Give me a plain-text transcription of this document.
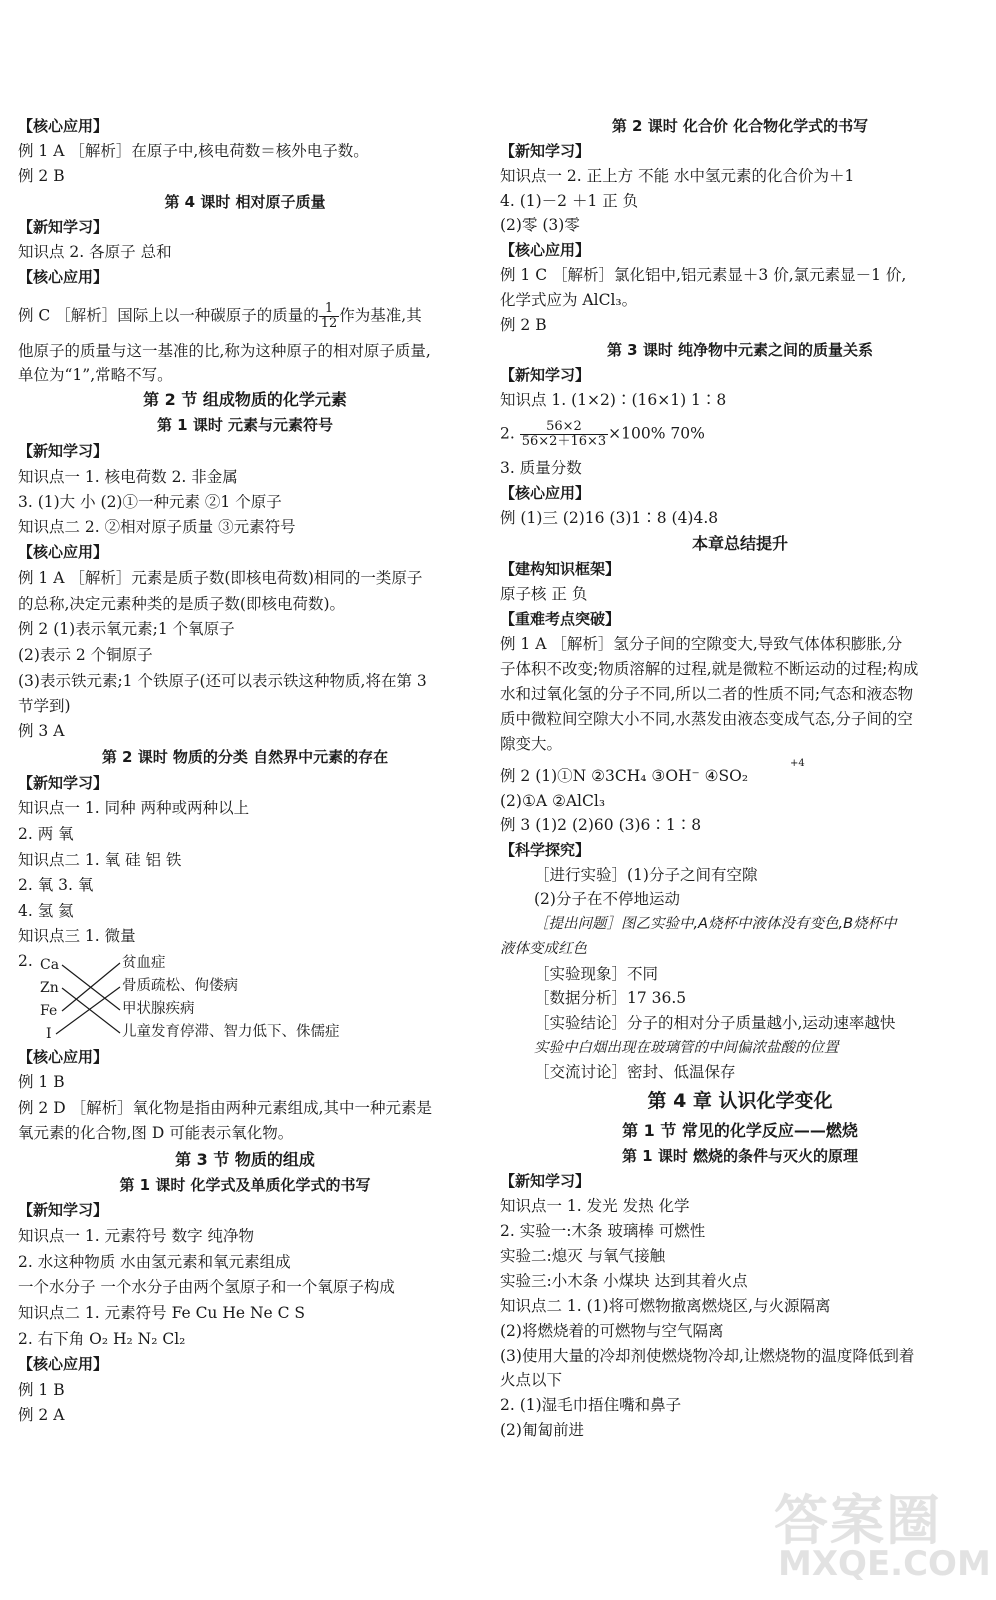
【核心应用】
例 1 A ［解析］在原子中,核电荷数＝核外电子数。
例 2 B
第 4 课时 相对原子质量
【新知学习】
知识点 2. 各原子 总和
【核心应用】
例 C ［解析］国际上以一种碳原子的质量的 $\frac{1}{12}$ 作为基准,其
他原子的质量与这一基准的比,称为这种原子的相对原子质量,
单位为“1”,常略不写。
第 2 节 组成物质的化学元素
第 1 课时 元素与元素符号
【新知学习】
知识点一 1. 核电荷数 2. 非金属
3. (1)大 小 (2)①一种元素 ②1 个原子
知识点二 2. ②相对原子质量 ③元素符号
【核心应用】
例 1 A ［解析］元素是质子数(即核电荷数)相同的一类原子
的总称,决定元素种类的是质子数(即核电荷数)。
例 2 (1)表示氧元素;1 个氧原子
(2)表示 2 个铜原子
(3)表示铁元素;1 个铁原子(还可以表示铁这种物质,将在第 3
节学到)
例 3 A
第 2 课时 物质的分类 自然界中元素的存在
【新知学习】
知识点一 1. 同种 两种或两种以上
2. 两 氧
知识点二 1. 氧 硅 铝 铁
2. 氧 3. 氧
4. 氢 氦
知识点三 1. 微量
2. Ca
Zn
Fe
I
贫血症
骨质疏松、佝偻病
甲状腺疾病
儿童发育停滞、智力低下、侏儒症
【核心应用】
例 1 B
例 2 D ［解析］氧化物是指由两种元素组成,其中一种元素是
氧元素的化合物,图 D 可能表示氧化物。
第 3 节 物质的组成
第 1 课时 化学式及单质化学式的书写
【新知学习】
知识点一 1. 元素符号 数字 纯净物
2. 水这种物质 水由氢元素和氧元素组成
一个水分子 一个水分子由两个氢原子和一个氧原子构成
知识点二 1. 元素符号 Fe Cu He Ne C S
2. 右下角 O₂ H₂ N₂ Cl₂
【核心应用】
例 1 B
例 2 A
第 2 课时 化合价 化合物化学式的书写
【新知学习】
知识点一 2. 正上方 不能 水中氢元素的化合价为＋1
4. (1)－2 ＋1 正 负
(2)零 (3)零
【核心应用】
例 1 C ［解析］氯化铝中,铝元素显＋3 价,氯元素显－1 价,
化学式应为 AlCl₃。
例 2 B
第 3 课时 纯净物中元素之间的质量关系
【新知学习】
知识点 1. (1×2)∶(16×1) 1∶8
2. $\frac{56\times 2}{56\times 2+16\times 3} \times 100\%$ 70%
3. 质量分数
【核心应用】
例 (1)三 (2)16 (3)1∶8 (4)4.8
本章总结提升
【建构知识框架】
原子核 正 负
【重难考点突破】
例 1 A ［解析］氢分子间的空隙变大,导致气体体积膨胀,分
子体积不改变;物质溶解的过程,就是微粒不断运动的过程;构成
水和过氧化氢的分子不同,所以二者的性质不同;气态和液态物
质中微粒间空隙大小不同,水蒸发由液态变成气态,分子间的空
隙变大。
例 2 (1)①N ②3CH₄ ③OH⁻ ④SO₂
+4
(2)①A ②AlCl₃
例 3 (1)2 (2)60 (3)6∶1∶8
【科学探究】
［进行实验］(1)分子之间有空隙
(2)分子在不停地运动
［提出问题］图乙实验中,A烧杯中液体没有变色,B烧杯中
液体变成红色
［实验现象］不同
［数据分析］17 36.5
［实验结论］分子的相对分子质量越小,运动速率越快
实验中白烟出现在玻璃管的中间偏浓盐酸的位置
［交流讨论］密封、低温保存
第 4 章 认识化学变化
第 1 节 常见的化学反应——燃烧
第 1 课时 燃烧的条件与灭火的原理
【新知学习】
知识点一 1. 发光 发热 化学
2. 实验一:木条 玻璃棒 可燃性
实验二:熄灭 与氧气接触
实验三:小木条 小煤块 达到其着火点
知识点二 1. (1)将可燃物撤离燃烧区,与火源隔离
(2)将燃烧着的可燃物与空气隔离
(3)使用大量的冷却剂使燃烧物冷却,让燃烧物的温度降低到着
火点以下
2. (1)湿毛巾捂住嘴和鼻子
(2)匍匐前进
答案圈
MXQE.COM
